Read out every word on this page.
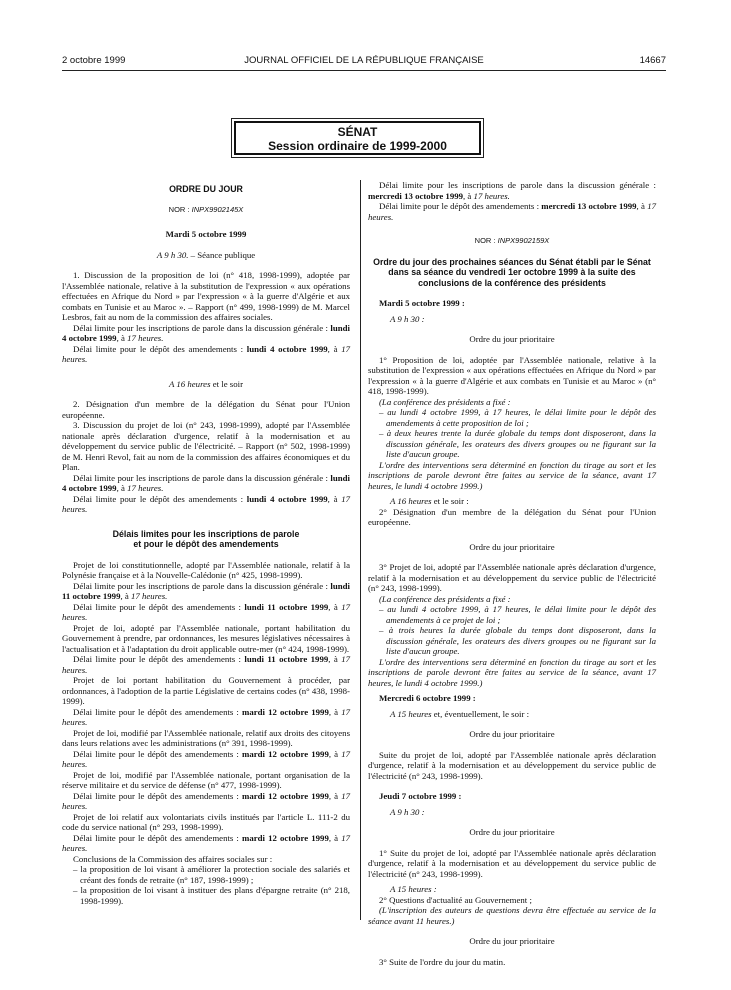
2 octobre 1999	JOURNAL OFFICIEL DE LA RÉPUBLIQUE FRANÇAISE	14667
SÉNAT
Session ordinaire de 1999-2000
ORDRE DU JOUR
NOR : INPX9902145X

Mardi 5 octobre 1999

A 9 h 30. – Séance publique

1. Discussion de la proposition de loi (n° 418, 1998-1999), adoptée par l'Assemblée nationale, relative à la substitution de l'expression « aux opérations effectuées en Afrique du Nord » par l'expression « à la guerre d'Algérie et aux combats en Tunisie et au Maroc ». – Rapport (n° 499, 1998-1999) de M. Marcel Lesbros, fait au nom de la commission des affaires sociales.

Délai limite pour les inscriptions de parole dans la discussion générale : lundi 4 octobre 1999, à 17 heures.

Délai limite pour le dépôt des amendements : lundi 4 octobre 1999, à 17 heures.

A 16 heures et le soir

2. Désignation d'un membre de la délégation du Sénat pour l'Union européenne.

3. Discussion du projet de loi (n° 243, 1998-1999), adopté par l'Assemblée nationale après déclaration d'urgence, relatif à la modernisation et au développement du service public de l'électricité. – Rapport (n° 502, 1998-1999) de M. Henri Revol, fait au nom de la commission des affaires économiques et du Plan.

Délai limite pour les inscriptions de parole dans la discussion générale : lundi 4 octobre 1999, à 17 heures.

Délai limite pour le dépôt des amendements : lundi 4 octobre 1999, à 17 heures.

Délais limites pour les inscriptions de parole
et pour le dépôt des amendements

Projet de loi constitutionnelle, adopté par l'Assemblée nationale, relatif à la Polynésie française et à la Nouvelle-Calédonie (n° 425, 1998-1999).

Délai limite pour les inscriptions de parole dans la discussion générale : lundi 11 octobre 1999, à 17 heures.

Délai limite pour le dépôt des amendements : lundi 11 octobre 1999, à 17 heures.

Projet de loi, adopté par l'Assemblée nationale, portant habilitation du Gouvernement à prendre, par ordonnances, les mesures législatives nécessaires à l'actualisation et à l'adaptation du droit applicable outre-mer (n° 424, 1998-1999).

Délai limite pour le dépôt des amendements : lundi 11 octobre 1999, à 17 heures.

Projet de loi portant habilitation du Gouvernement à procéder, par ordonnances, à l'adoption de la partie Législative de certains codes (n° 438, 1998-1999).

Délai limite pour le dépôt des amendements : mardi 12 octobre 1999, à 17 heures.

Projet de loi, modifié par l'Assemblée nationale, relatif aux droits des citoyens dans leurs relations avec les administrations (n° 391, 1998-1999).

Délai limite pour le dépôt des amendements : mardi 12 octobre 1999, à 17 heures.

Projet de loi, modifié par l'Assemblée nationale, portant organisation de la réserve militaire et du service de défense (n° 477, 1998-1999).

Délai limite pour le dépôt des amendements : mardi 12 octobre 1999, à 17 heures.

Projet de loi relatif aux volontariats civils institués par l'article L. 111-2 du code du service national (n° 293, 1998-1999).

Délai limite pour le dépôt des amendements : mardi 12 octobre 1999, à 17 heures.

Conclusions de la Commission des affaires sociales sur :

– la proposition de loi visant à améliorer la protection sociale des salariés et créant des fonds de retraite (n° 187, 1998-1999) ;
– la proposition de loi visant à instituer des plans d'épargne retraite (n° 218, 1998-1999).

Délai limite pour les inscriptions de parole dans la discussion générale : mercredi 13 octobre 1999, à 17 heures.

Délai limite pour le dépôt des amendements : mercredi 13 octobre 1999, à 17 heures.

NOR : INPX9902159X
Ordre du jour des prochaines séances du Sénat établi par le Sénat dans sa séance du vendredi 1er octobre 1999 à la suite des conclusions de la conférence des présidents

Mardi 5 octobre 1999 :

A 9 h 30 :

Ordre du jour prioritaire

1° Proposition de loi, adoptée par l'Assemblée nationale, relative à la substitution de l'expression « aux opérations effectuées en Afrique du Nord » par l'expression « à la guerre d'Algérie et aux combats en Tunisie et au Maroc » (n° 418, 1998-1999).

(La conférence des présidents a fixé :

– au lundi 4 octobre 1999, à 17 heures, le délai limite pour le dépôt des amendements à cette proposition de loi ;
– à deux heures trente la durée globale du temps dont disposeront, dans la discussion générale, les orateurs des divers groupes ou ne figurant sur la liste d'aucun groupe.

L'ordre des interventions sera déterminé en fonction du tirage au sort et les inscriptions de parole devront être faites au service de la séance, avant 17 heures, le lundi 4 octobre 1999.)

A 16 heures et le soir :

2° Désignation d'un membre de la délégation du Sénat pour l'Union européenne.

Ordre du jour prioritaire

3° Projet de loi, adopté par l'Assemblée nationale après déclaration d'urgence, relatif à la modernisation et au développement du service public de l'électricité (n° 243, 1998-1999).

(La conférence des présidents a fixé :

– au lundi 4 octobre 1999, à 17 heures, le délai limite pour le dépôt des amendements à ce projet de loi ;
– à trois heures la durée globale du temps dont disposeront, dans la discussion générale, les orateurs des divers groupes ou ne figurant sur la liste d'aucun groupe.

L'ordre des interventions sera déterminé en fonction du tirage au sort et les inscriptions de parole devront être faites au service de la séance, avant 17 heures, le lundi 4 octobre 1999.)

Mercredi 6 octobre 1999 :

A 15 heures et, éventuellement, le soir :

Ordre du jour prioritaire

Suite du projet de loi, adopté par l'Assemblée nationale après déclaration d'urgence, relatif à la modernisation et au développement du service public de l'électricité (n° 243, 1998-1999).

Jeudi 7 octobre 1999 :

A 9 h 30 :

Ordre du jour prioritaire

1° Suite du projet de loi, adopté par l'Assemblée nationale après déclaration d'urgence, relatif à la modernisation et au développement du service public de l'électricité (n° 243, 1998-1999).

A 15 heures :

2° Questions d'actualité au Gouvernement ;

(L'inscription des auteurs de questions devra être effectuée au service de la séance avant 11 heures.)

Ordre du jour prioritaire

3° Suite de l'ordre du jour du matin.
